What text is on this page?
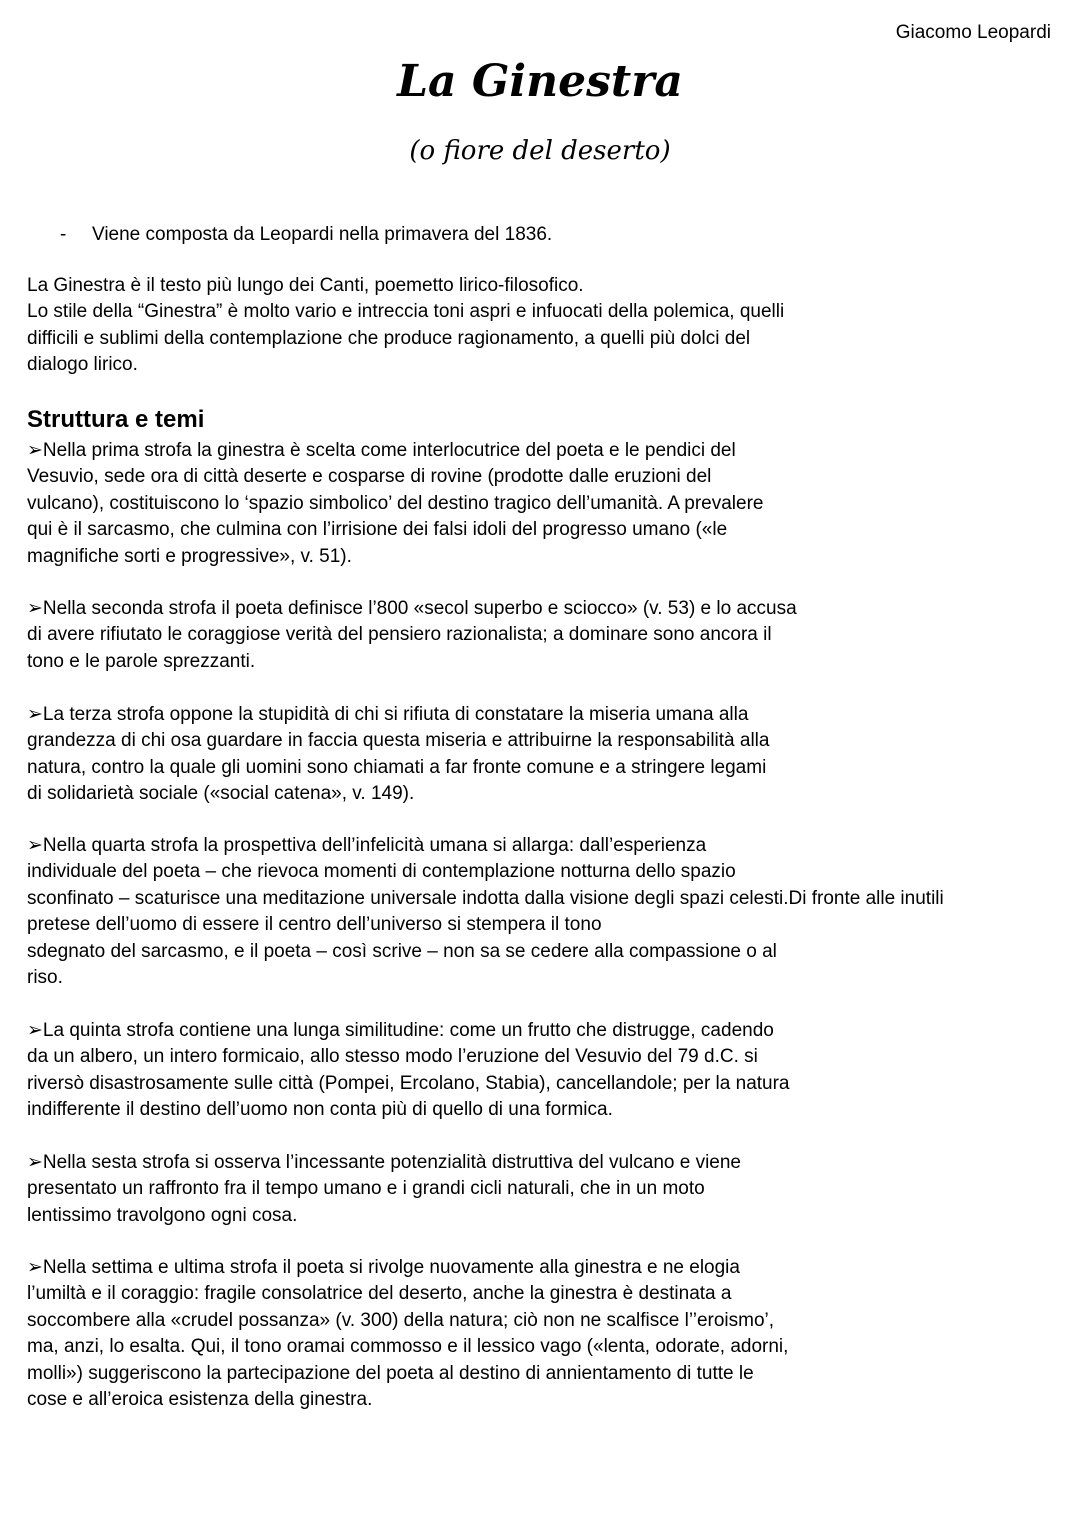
Giacomo Leopardi
La Ginestra
(o fiore del deserto)
- Viene composta da Leopardi nella primavera del 1836.
La Ginestra è il testo più lungo dei Canti, poemetto lirico-filosofico.
Lo stile della “Ginestra” è molto vario e intreccia toni aspri e infuocati della polemica, quelli
difficili e sublimi della contemplazione che produce ragionamento, a quelli più dolci del
dialogo lirico.
Struttura e temi
➢Nella prima strofa la ginestra è scelta come interlocutrice del poeta e le pendici del
Vesuvio, sede ora di città deserte e cosparse di rovine (prodotte dalle eruzioni del
vulcano), costituiscono lo ‘spazio simbolico’ del destino tragico dell’umanità. A prevalere
qui è il sarcasmo, che culmina con l’irrisione dei falsi idoli del progresso umano («le
magnifiche sorti e progressive», v. 51).
➢Nella seconda strofa il poeta definisce l’800 «secol superbo e sciocco» (v. 53) e lo accusa
di avere rifiutato le coraggiose verità del pensiero razionalista; a dominare sono ancora il
tono e le parole sprezzanti.
➢La terza strofa oppone la stupidità di chi si rifiuta di constatare la miseria umana alla
grandezza di chi osa guardare in faccia questa miseria e attribuirne la responsabilità alla
natura, contro la quale gli uomini sono chiamati a far fronte comune e a stringere legami
di solidarietà sociale («social catena», v. 149).
➢Nella quarta strofa la prospettiva dell’infelicità umana si allarga: dall’esperienza
individuale del poeta – che rievoca momenti di contemplazione notturna dello spazio
sconfinato – scaturisce una meditazione universale indotta dalla visione degli spazi celesti.Di fronte alle inutili
pretese dell’uomo di essere il centro dell’universo si stempera il tono
sdegnato del sarcasmo, e il poeta – così scrive – non sa se cedere alla compassione o al
riso.
➢La quinta strofa contiene una lunga similitudine: come un frutto che distrugge, cadendo
da un albero, un intero formicaio, allo stesso modo l’eruzione del Vesuvio del 79 d.C. si
riversò disastrosamente sulle città (Pompei, Ercolano, Stabia), cancellandole; per la natura
indifferente il destino dell’uomo non conta più di quello di una formica.
➢Nella sesta strofa si osserva l’incessante potenzialità distruttiva del vulcano e viene
presentato un raffronto fra il tempo umano e i grandi cicli naturali, che in un moto
lentissimo travolgono ogni cosa.
➢Nella settima e ultima strofa il poeta si rivolge nuovamente alla ginestra e ne elogia
l’umiltà e il coraggio: fragile consolatrice del deserto, anche la ginestra è destinata a
soccombere alla «crudel possanza» (v. 300) della natura; ciò non ne scalfisce l’’eroismo’,
ma, anzi, lo esalta. Qui, il tono oramai commosso e il lessico vago («lenta, odorate, adorni,
molli») suggeriscono la partecipazione del poeta al destino di annientamento di tutte le
cose e all’eroica esistenza della ginestra.
